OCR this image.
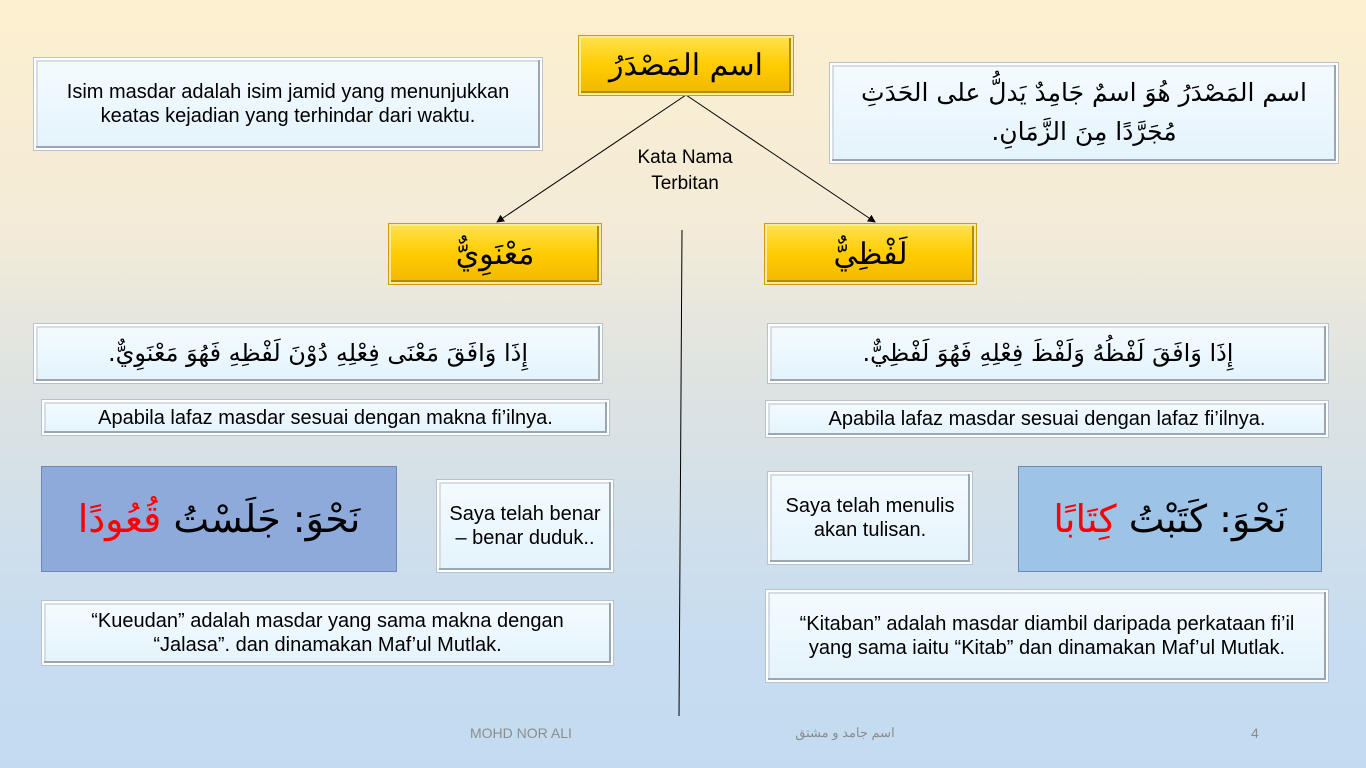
اسم المَصْدَرُ
Isim masdar adalah isim jamid yang menunjukkan keatas kejadian yang terhindar dari waktu.
اسم المَصْدَرُ هُوَ اسمٌ جَامِدٌ يَدلُّ على الحَدَثِ
مُجَرَّدًا مِنَ الزَّمَانِ.
Kata Nama
Terbitan
مَعْنَوِيٌّ
إِذَا وَافَقَ مَعْنَى فِعْلِهِ دُوْنَ لَفْظِهِ فَهُوَ مَعْنَوِيٌّ.
Apabila lafaz masdar sesuai dengan makna fi’ilnya.
نَحْوَ: جَلَسْتُ

قُعُودًا	Saya telah benar – benar duduk..
“Kueudan” adalah masdar yang sama makna dengan “Jalasa”. dan dinamakan Maf’ul Mutlak.
لَفْظِيٌّ
إِذَا وَافَقَ لَفْظُهُ وَلَفْظَ فِعْلِهِ فَهُوَ لَفْظِيٌّ.
Apabila lafaz masdar sesuai dengan lafaz fi’ilnya.
Saya telah menulis akan tulisan.	نَحْوَ: كَتَبْتُ

كِتَابًا
“Kitaban” adalah masdar diambil daripada perkataan fi’il yang sama iaitu “Kitab” dan dinamakan Maf’ul Mutlak.
MOHD NOR ALI	اسم جامد و مشتق	4
